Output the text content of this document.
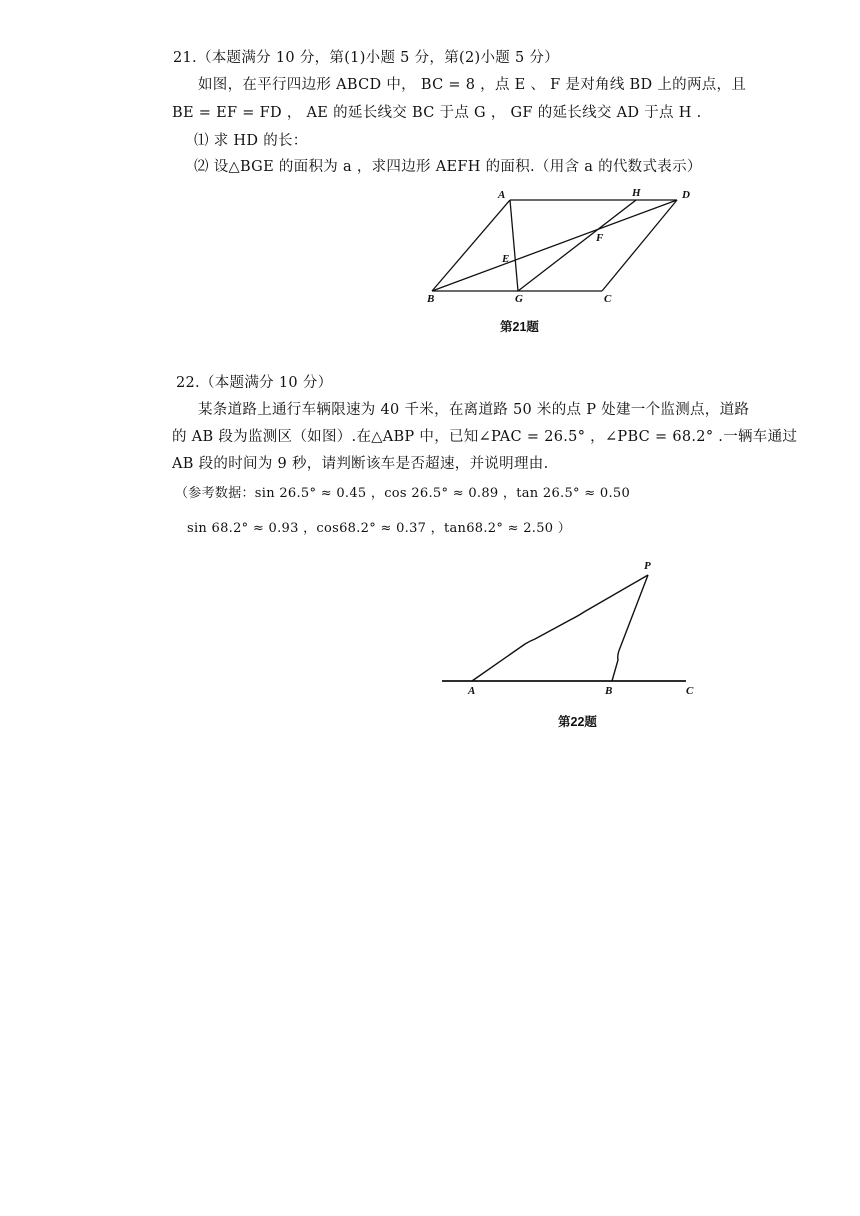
21.（本题满分 10 分，第(1)小题 5 分，第(2)小题 5 分）
如图，在平行四边形 ABCD 中， BC = 8 ，点 E 、 F 是对角线 BD 上的两点，且
BE = EF = FD ， AE 的延长线交 BC 于点 G ， GF 的延长线交 AD 于点 H .
⑴ 求 HD 的长：
⑵ 设△BGE 的面积为 a ，求四边形 AEFH 的面积.（用含 a 的代数式表示）
A	H	D
F
E
B	G	C
第21题
22.（本题满分 10 分）
某条道路上通行车辆限速为 40 千米，在离道路 50 米的点 P 处建一个监测点，道路
的 AB 段为监测区（如图）.在△ABP 中，已知∠PAC = 26.5° ，∠PBC = 68.2° .一辆车通过
AB 段的时间为 9 秒，请判断该车是否超速，并说明理由.
（参考数据：sin 26.5° ≈ 0.45 ，cos 26.5° ≈ 0.89 ，tan 26.5° ≈ 0.50
sin 68.2° ≈ 0.93 ，cos68.2° ≈ 0.37 ，tan68.2° ≈ 2.50 ）
P
A	B	C
第22题
